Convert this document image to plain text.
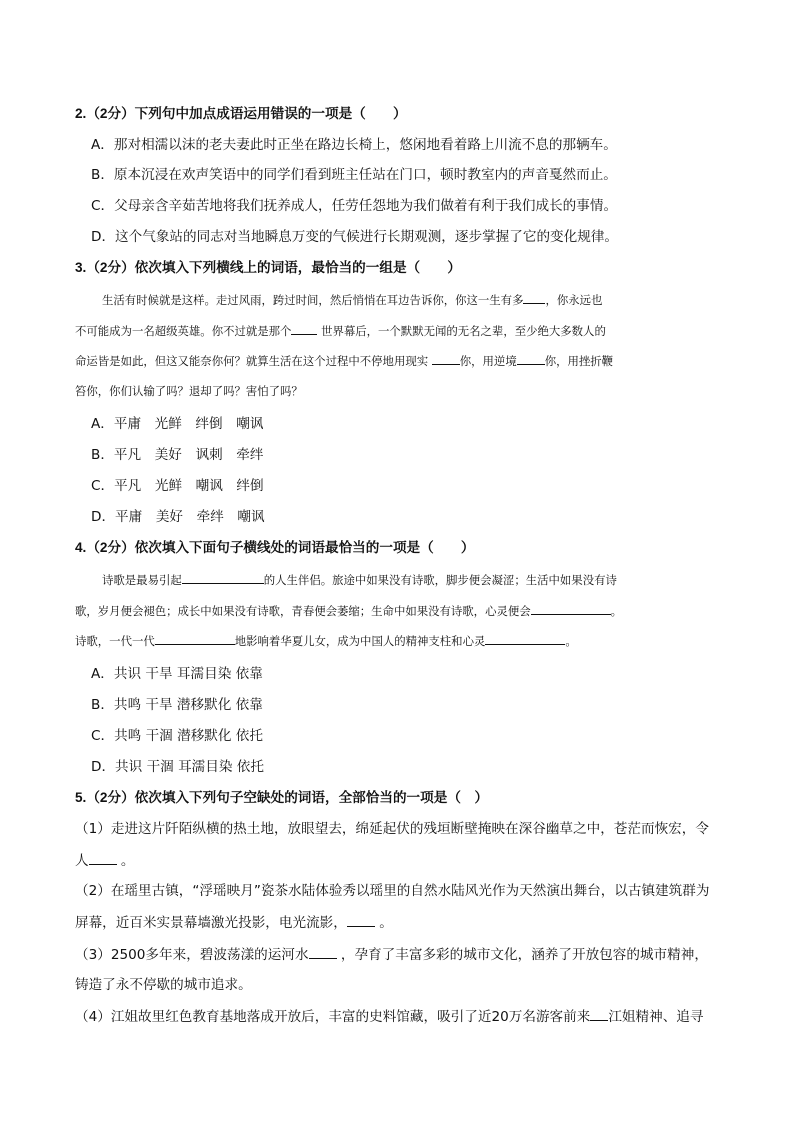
2.（2分）下列句中加点成语运用错误的一项是（　　）
A．那对相濡以沫的老夫妻此时正坐在路边长椅上，悠闲地看着路上川流不息的那辆车。
B．原本沉浸在欢声笑语中的同学们看到班主任站在门口，顿时教室内的声音戛然而止。
C．父母亲含辛茹苦地将我们抚养成人，任劳任怨地为我们做着有利于我们成长的事情。
D．这个气象站的同志对当地瞬息万变的气候进行长期观测，逐步掌握了它的变化规律。
3.（2分）依次填入下列横线上的词语，最恰当的一组是（　　）
生活有时候就是这样。走过风雨，跨过时间，然后悄悄在耳边告诉你，你这一生有多 ，你永远也
不可能成为一名超级英雄。你不过就是那个	世界幕后，一个默默无闻的无名之辈，至少绝大多数人的
命运皆是如此，但这又能奈你何？就算生活在这个过程中不停地用现实	你，用逆境 你，用挫折鞭
笞你，你们认输了吗？退却了吗？害怕了吗？
A．平庸　光鲜　绊倒　嘲讽
B．平凡　美好　讽刺　牵绊
C．平凡　光鲜　嘲讽　绊倒
D．平庸　美好　牵绊　嘲讽
4.（2分）依次填入下面句子横线处的词语最恰当的一项是（　　）
诗歌是最易引起	的人生伴侣。旅途中如果没有诗歌，脚步便会凝涩；生活中如果没有诗
歌，岁月便会褪色；成长中如果没有诗歌，青春便会萎缩；生命中如果没有诗歌，心灵便会	。
诗歌，一代一代	地影响着华夏儿女，成为中国人的精神支柱和心灵	。
A．共识 干旱 耳濡目染 依靠
B．共鸣 干旱 潜移默化 依靠
C．共鸣 干涸 潜移默化 依托
D．共识 干涸 耳濡目染 依托
5.（2分）依次填入下列句子空缺处的词语，全部恰当的一项是（　）
（1）走进这片阡陌纵横的热土地，放眼望去，绵延起伏的残垣断壁掩映在深谷幽草之中，苍茫而恢宏，令
人 。
（2）在瑶里古镇，“浮瑶映月”瓷茶水陆体验秀以瑶里的自然水陆风光作为天然演出舞台，以古镇建筑群为
屏幕，近百米实景幕墙激光投影，电光流影， 。
（3）2500多年来，碧波荡漾的运河水 ，孕育了丰富多彩的城市文化，涵养了开放包容的城市精神，
铸造了永不停歇的城市追求。
（4）江姐故里红色教育基地落成开放后，丰富的史料馆藏，吸引了近20万名游客前来 江姐精神、追寻
